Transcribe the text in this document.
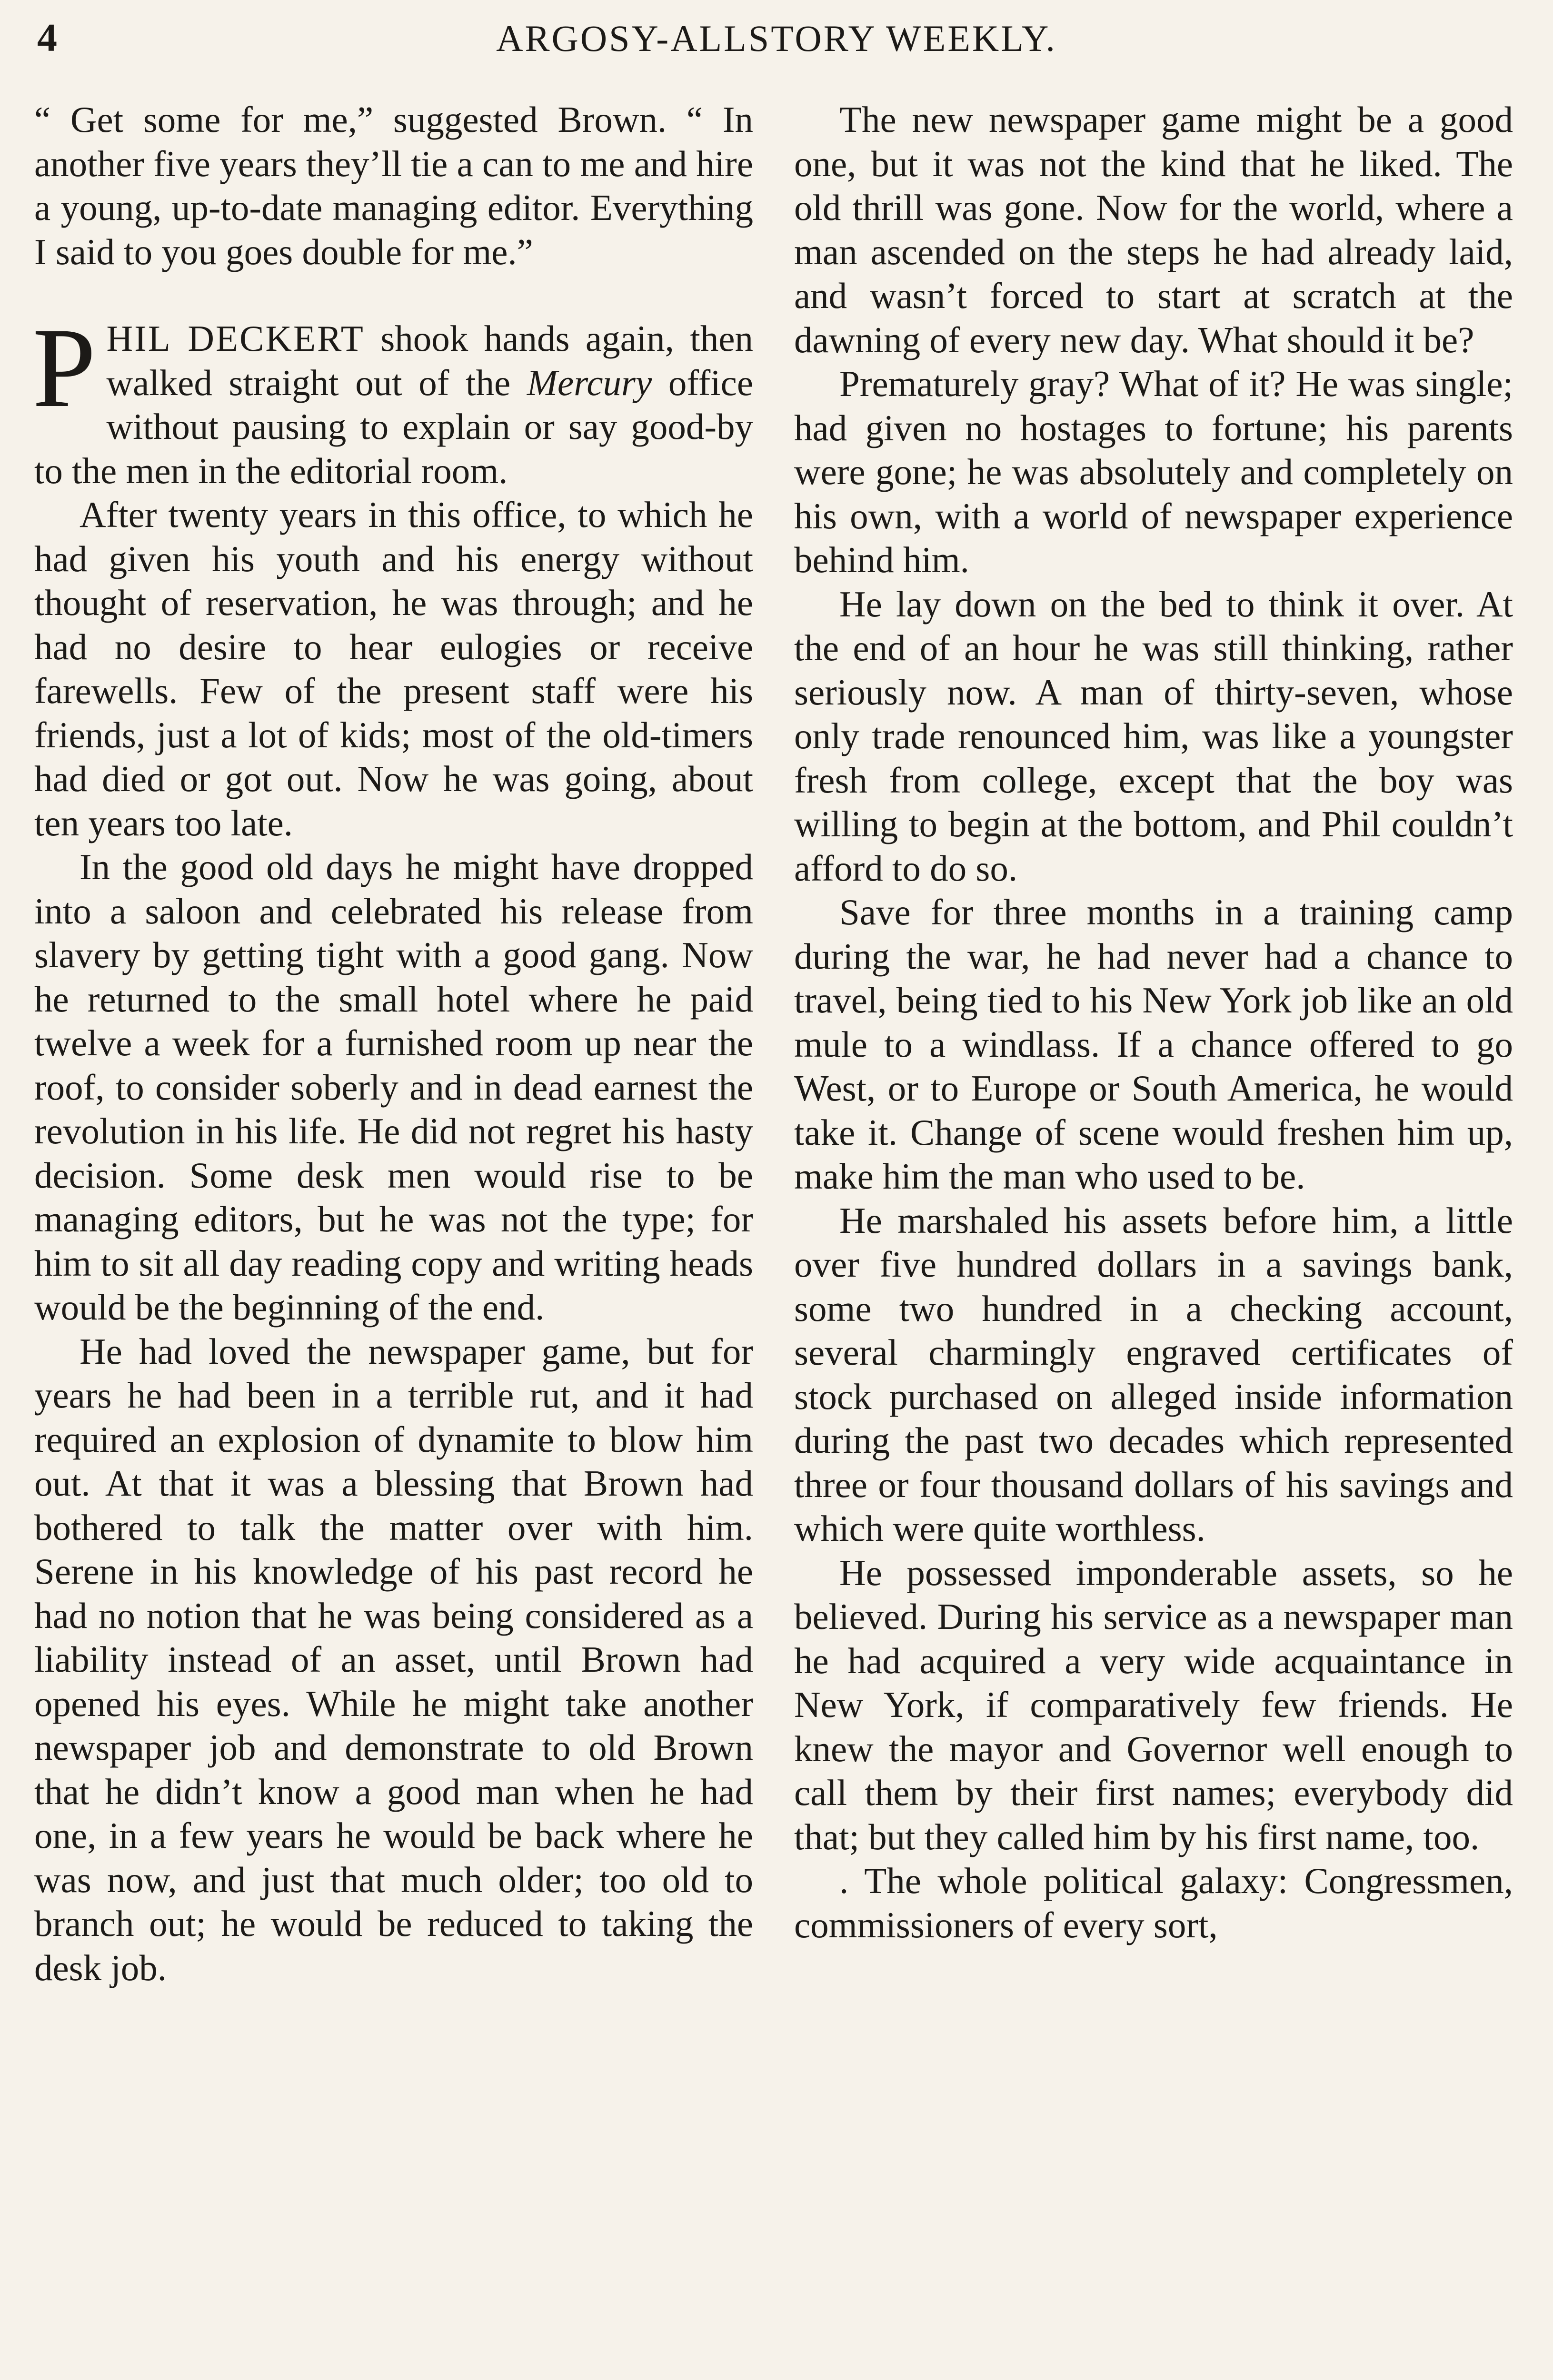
4	ARGOSY-ALLSTORY WEEKLY.

“ Get some for me,” suggested Brown. “ In another five years they’ll tie a can to me and hire a young, up-to-date managing editor. Everything I said to you goes double for me.”

PHIL DECKERT shook hands again, then walked straight out of the Mercury office without pausing to explain or say good-by to the men in the editorial room.

After twenty years in this office, to which he had given his youth and his energy without thought of reservation, he was through; and he had no desire to hear eulogies or receive farewells. Few of the present staff were his friends, just a lot of kids; most of the old-timers had died or got out. Now he was going, about ten years too late.

In the good old days he might have dropped into a saloon and celebrated his release from slavery by getting tight with a good gang. Now he returned to the small hotel where he paid twelve a week for a furnished room up near the roof, to consider soberly and in dead earnest the revolution in his life. He did not regret his hasty decision. Some desk men would rise to be managing editors, but he was not the type; for him to sit all day reading copy and writing heads would be the beginning of the end.

He had loved the newspaper game, but for years he had been in a terrible rut, and it had required an explosion of dynamite to blow him out. At that it was a blessing that Brown had bothered to talk the matter over with him. Serene in his knowledge of his past record he had no notion that he was being considered as a liability instead of an asset, until Brown had opened his eyes. While he might take another newspaper job and demonstrate to old Brown that he didn’t know a good man when he had one, in a few years he would be back where he was now, and just that much older; too old to branch out; he would be reduced to taking the desk job.

The new newspaper game might be a good one, but it was not the kind that he liked. The old thrill was gone. Now for the world, where a man ascended on the steps he had already laid, and wasn’t forced to start at scratch at the dawning of every new day. What should it be?

Prematurely gray? What of it? He was single; had given no hostages to fortune; his parents were gone; he was absolutely and completely on his own, with a world of newspaper experience behind him.

He lay down on the bed to think it over. At the end of an hour he was still thinking, rather seriously now. A man of thirty-seven, whose only trade renounced him, was like a youngster fresh from college, except that the boy was willing to begin at the bottom, and Phil couldn’t afford to do so.

Save for three months in a training camp during the war, he had never had a chance to travel, being tied to his New York job like an old mule to a windlass. If a chance offered to go West, or to Europe or South America, he would take it. Change of scene would freshen him up, make him the man who used to be.

He marshaled his assets before him, a little over five hundred dollars in a savings bank, some two hundred in a checking account, several charmingly engraved certificates of stock purchased on alleged inside information during the past two decades which represented three or four thousand dollars of his savings and which were quite worthless.

He possessed imponderable assets, so he believed. During his service as a newspaper man he had acquired a very wide acquaintance in New York, if comparatively few friends. He knew the mayor and Governor well enough to call them by their first names; everybody did that; but they called him by his first name, too.

. The whole political galaxy: Congressmen, commissioners of every sort,
